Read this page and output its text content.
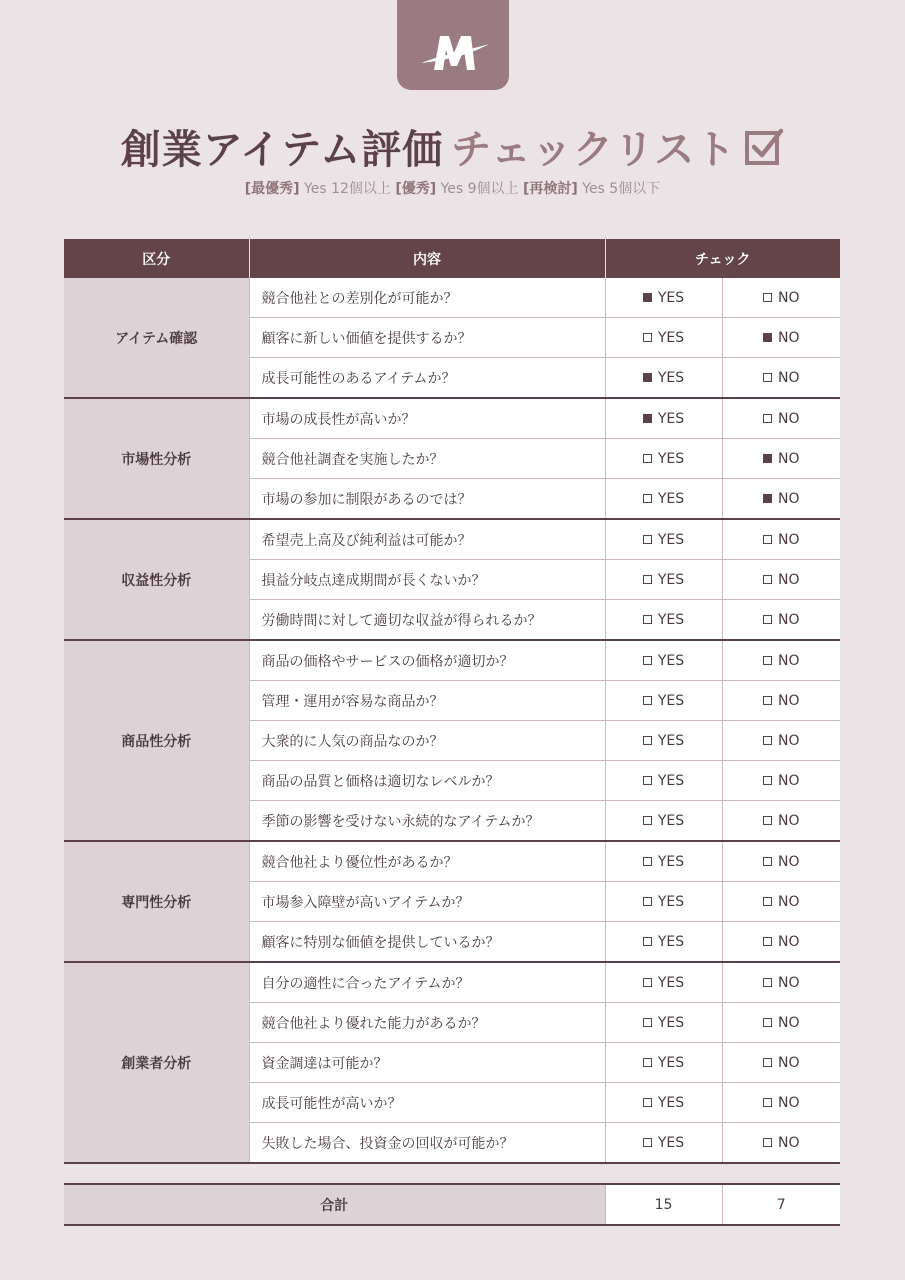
創業アイテム評価 チェックリスト
[最優秀] Yes 12個以上 [優秀] Yes 9個以上 [再検討] Yes 5個以下
区分	内容	チェック	
アイテム確認	競合他社との差別化が可能か？	YES	NO
	顧客に新しい価値を提供するか？	YES	NO
	成長可能性のあるアイテムか？	YES	NO
市場性分析	市場の成長性が高いか？	YES	NO
	競合他社調査を実施したか？	YES	NO
	市場の参加に制限があるのでは？	YES	NO
収益性分析	希望売上高及び純利益は可能か？	YES	NO
	損益分岐点達成期間が長くないか？	YES	NO
	労働時間に対して適切な収益が得られるか？	YES	NO
商品性分析	商品の価格やサービスの価格が適切か？	YES	NO
	管理・運用が容易な商品か？	YES	NO
	大衆的に人気の商品なのか？	YES	NO
	商品の品質と価格は適切なレベルか？	YES	NO
	季節の影響を受けない永続的なアイテムか？	YES	NO
専門性分析	競合他社より優位性があるか？	YES	NO
	市場参入障壁が高いアイテムか？	YES	NO
	顧客に特別な価値を提供しているか？	YES	NO
創業者分析	自分の適性に合ったアイテムか？	YES	NO
	競合他社より優れた能力があるか？	YES	NO
	資金調達は可能か？	YES	NO
	成長可能性が高いか？	YES	NO
	失敗した場合、投資金の回収が可能か？	YES	NO
合計	15	7
